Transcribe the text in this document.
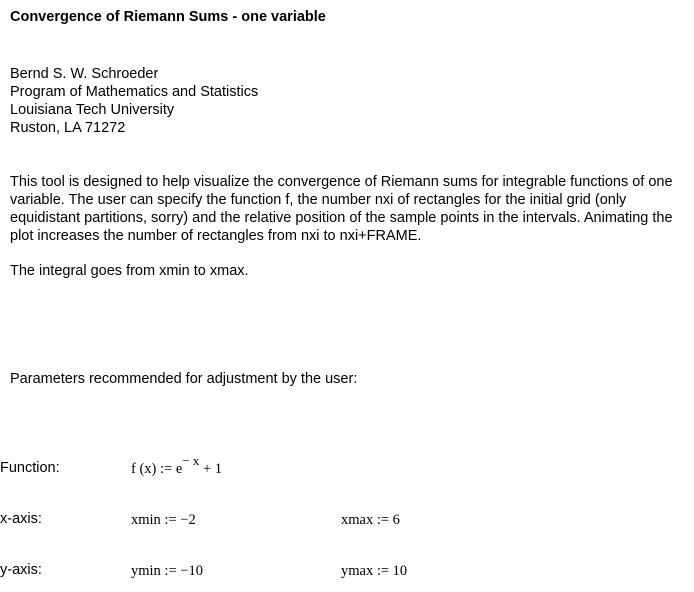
Convergence of Riemann Sums - one variable
Bernd S. W. Schroeder
Program of Mathematics and Statistics
Louisiana Tech University
Ruston, LA 71272
This tool is designed to help visualize the convergence of Riemann sums for integrable functions of one variable. The user can specify the function f, the number nxi of rectangles for the initial grid (only equidistant partitions, sorry) and the relative position of the sample points in the intervals. Animating the plot increases the number of rectangles from nxi to nxi+FRAME.
The integral goes from xmin to xmax.
Parameters recommended for adjustment by the user:
Function:	f (x) := e− x + 1
x-axis:	xmin := −2	xmax := 6
y-axis:	ymin := −10	ymax := 10
